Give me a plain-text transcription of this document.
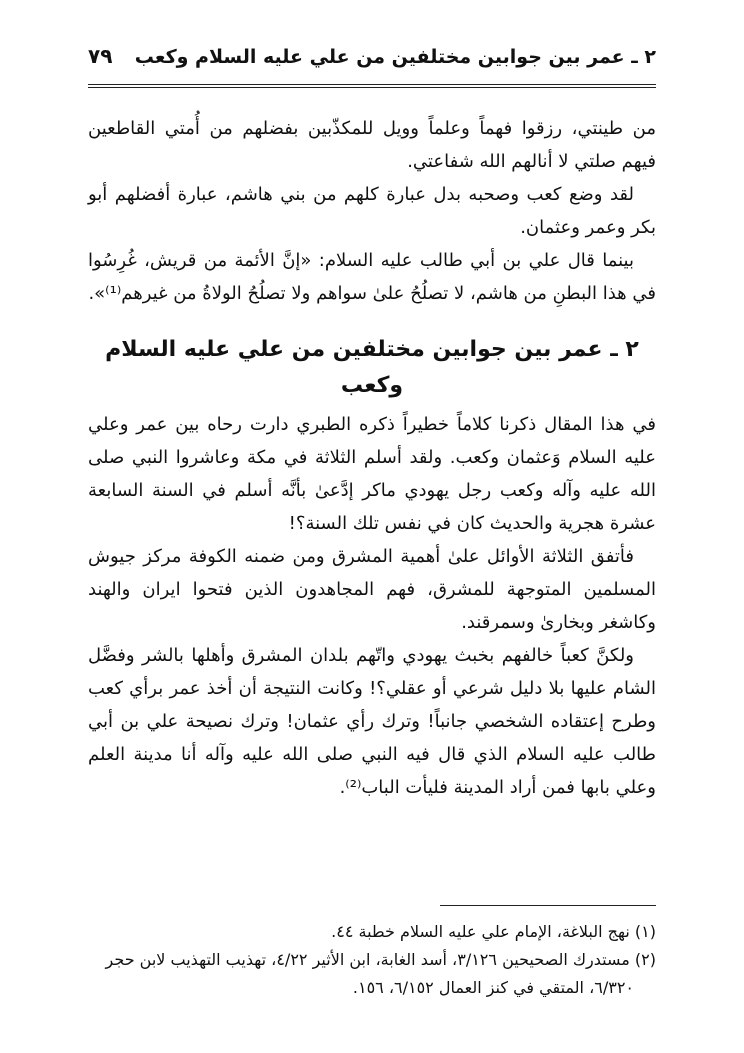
٢ ـ عمر بين جوابين مختلفين من علي عليه السلام وكعب
٧٩

من طينتي، رزقوا فهماً وعلماً وويل للمكذّبين بفضلهم من أُمتي القاطعين فيهم صلتي لا أنالهم الله شفاعتي.

لقد وضع كعب وصحبه بدل عبارة كلهم من بني هاشم، عبارة أفضلهم أبو بكر وعمر وعثمان.

بينما قال علي بن أبي طالب عليه السلام: «إنَّ الأئمة من قريش، غُرِسُوا في هذا البطنِ من هاشم، لا تصلُحُ علىٰ سواهم ولا تصلُحُ الولاةُ من غيرهم⁽¹⁾».

٢ ـ عمر بين جوابين مختلفين من علي عليه السلام وكعب

في هذا المقال ذكرنا كلاماً خطيراً ذكره الطبري دارت رحاه بين عمر وعلي عليه السلام وَعثمان وكعب. ولقد أسلم الثلاثة في مكة وعاشروا النبي صلى الله عليه وآله وكعب رجل يهودي ماكر إدَّعىٰ بأنَّه أسلم في السنة السابعة عشرة هجرية والحديث كان في نفس تلك السنة؟!

فأتفق الثلاثة الأوائل علىٰ أهمية المشرق ومن ضمنه الكوفة مركز جيوش المسلمين المتوجهة للمشرق، فهم المجاهدون الذين فتحوا ايران والهند وكاشغر وبخارىٰ وسمرقند.

ولكنَّ كعباً خالفهم بخبث يهودي واتّهم بلدان المشرق وأهلها بالشر وفضَّل الشام عليها بلا دليل شرعي أو عقلي؟! وكانت النتيجة أن أخذ عمر برأي كعب وطرح إعتقاده الشخصي جانباً! وترك رأي عثمان! وترك نصيحة علي بن أبي طالب عليه السلام الذي قال فيه النبي صلى الله عليه وآله أنا مدينة العلم وعلي بابها فمن أراد المدينة فليأت الباب⁽²⁾.

(١) نهج البلاغة، الإمام علي عليه السلام خطبة ٤٤.

(٢) مستدرك الصحيحين ٣/١٢٦، أسد الغابة، ابن الأثير ٤/٢٢، تهذيب التهذيب لابن حجر

٦/٣٢٠، المتقي في كنز العمال ٦/١٥٢، ١٥٦.
